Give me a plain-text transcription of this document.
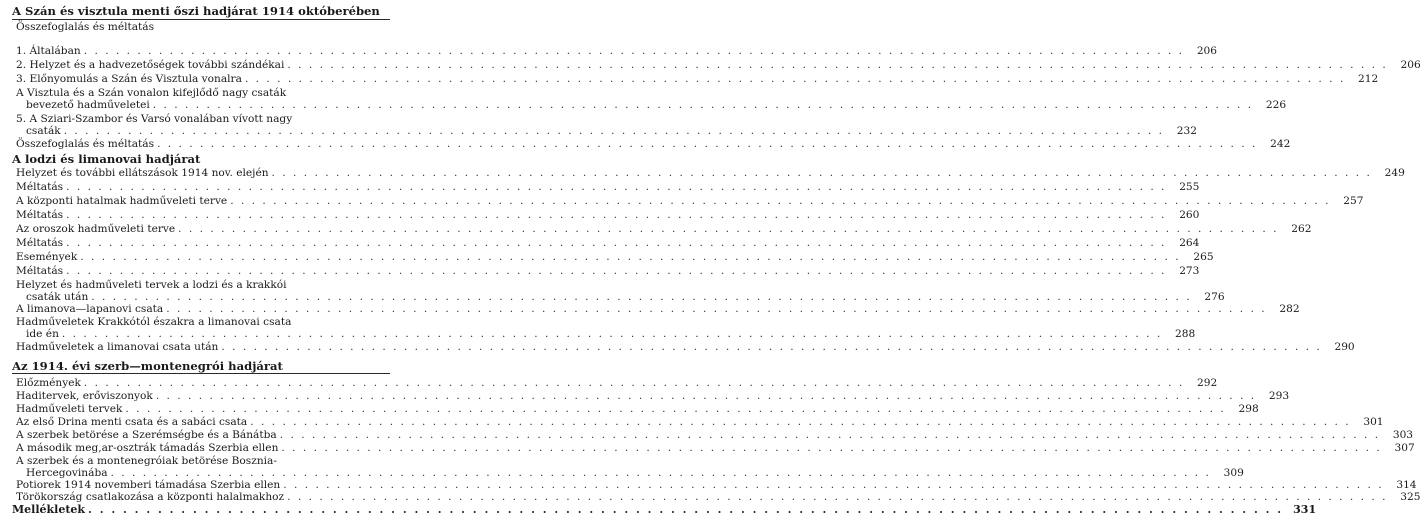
A Szán és visztula menti őszi hadjárat 1914 októberében
Összefoglalás és méltatás
1. Általában . . .	206
2. Helyzet és a hadvezetőségek további szándékai . . .	206
3. Előnyomulás a Szán és Visztula vonalra . . .	212
A Visztula és a Szán vonalon kifejlődő nagy csaták
bevezető hadműveletei . . .	226
5. A Sziari-Szambor és Varsó vonalában vívott nagy
csaták . . .	232
Összefoglalás és méltatás . . .	242
A lodzi és limanovai hadjárat
Helyzet és további ellátszások 1914 nov. elején . . .	249
Méltatás . . .	255
A központi hatalmak hadműveleti terve . . .	257
Méltatás . . .	260
Az oroszok hadműveleti terve . . .	262
Méltatás . . .	264
Események . . .	265
Méltatás . . .	273
Helyzet és hadműveleti tervek a lodzi és a krakkói
csaták után . . .	276
A limanova—lapanovi csata . . .	282
Hadműveletek Krakkótól északra a limanovai csata
ide én . . .	288
Hadműveletek a limanovai csata után . . .	290
Az 1914. évi szerb—montenegrói hadjárat
Előzmények . . .	292
Haditervek, erőviszonyok . . .	293
Hadműveleti tervek . . .	298
Az első Drina menti csata és a sabáci csata . . .	301
A szerbek betörése a Szerémségbe és a Bánátba . . .	303
A második meg,ar-osztrák támadás Szerbia ellen . . .	307
A szerbek és a montenegróiak betörése Bosznia-
Hercegovinába . . .	309
Potiorek 1914 novemberi támadása Szerbia ellen . . .	314
Törökország csatlakozása a központi halalmakhoz . . .	325
Mellékletek . . .	331
